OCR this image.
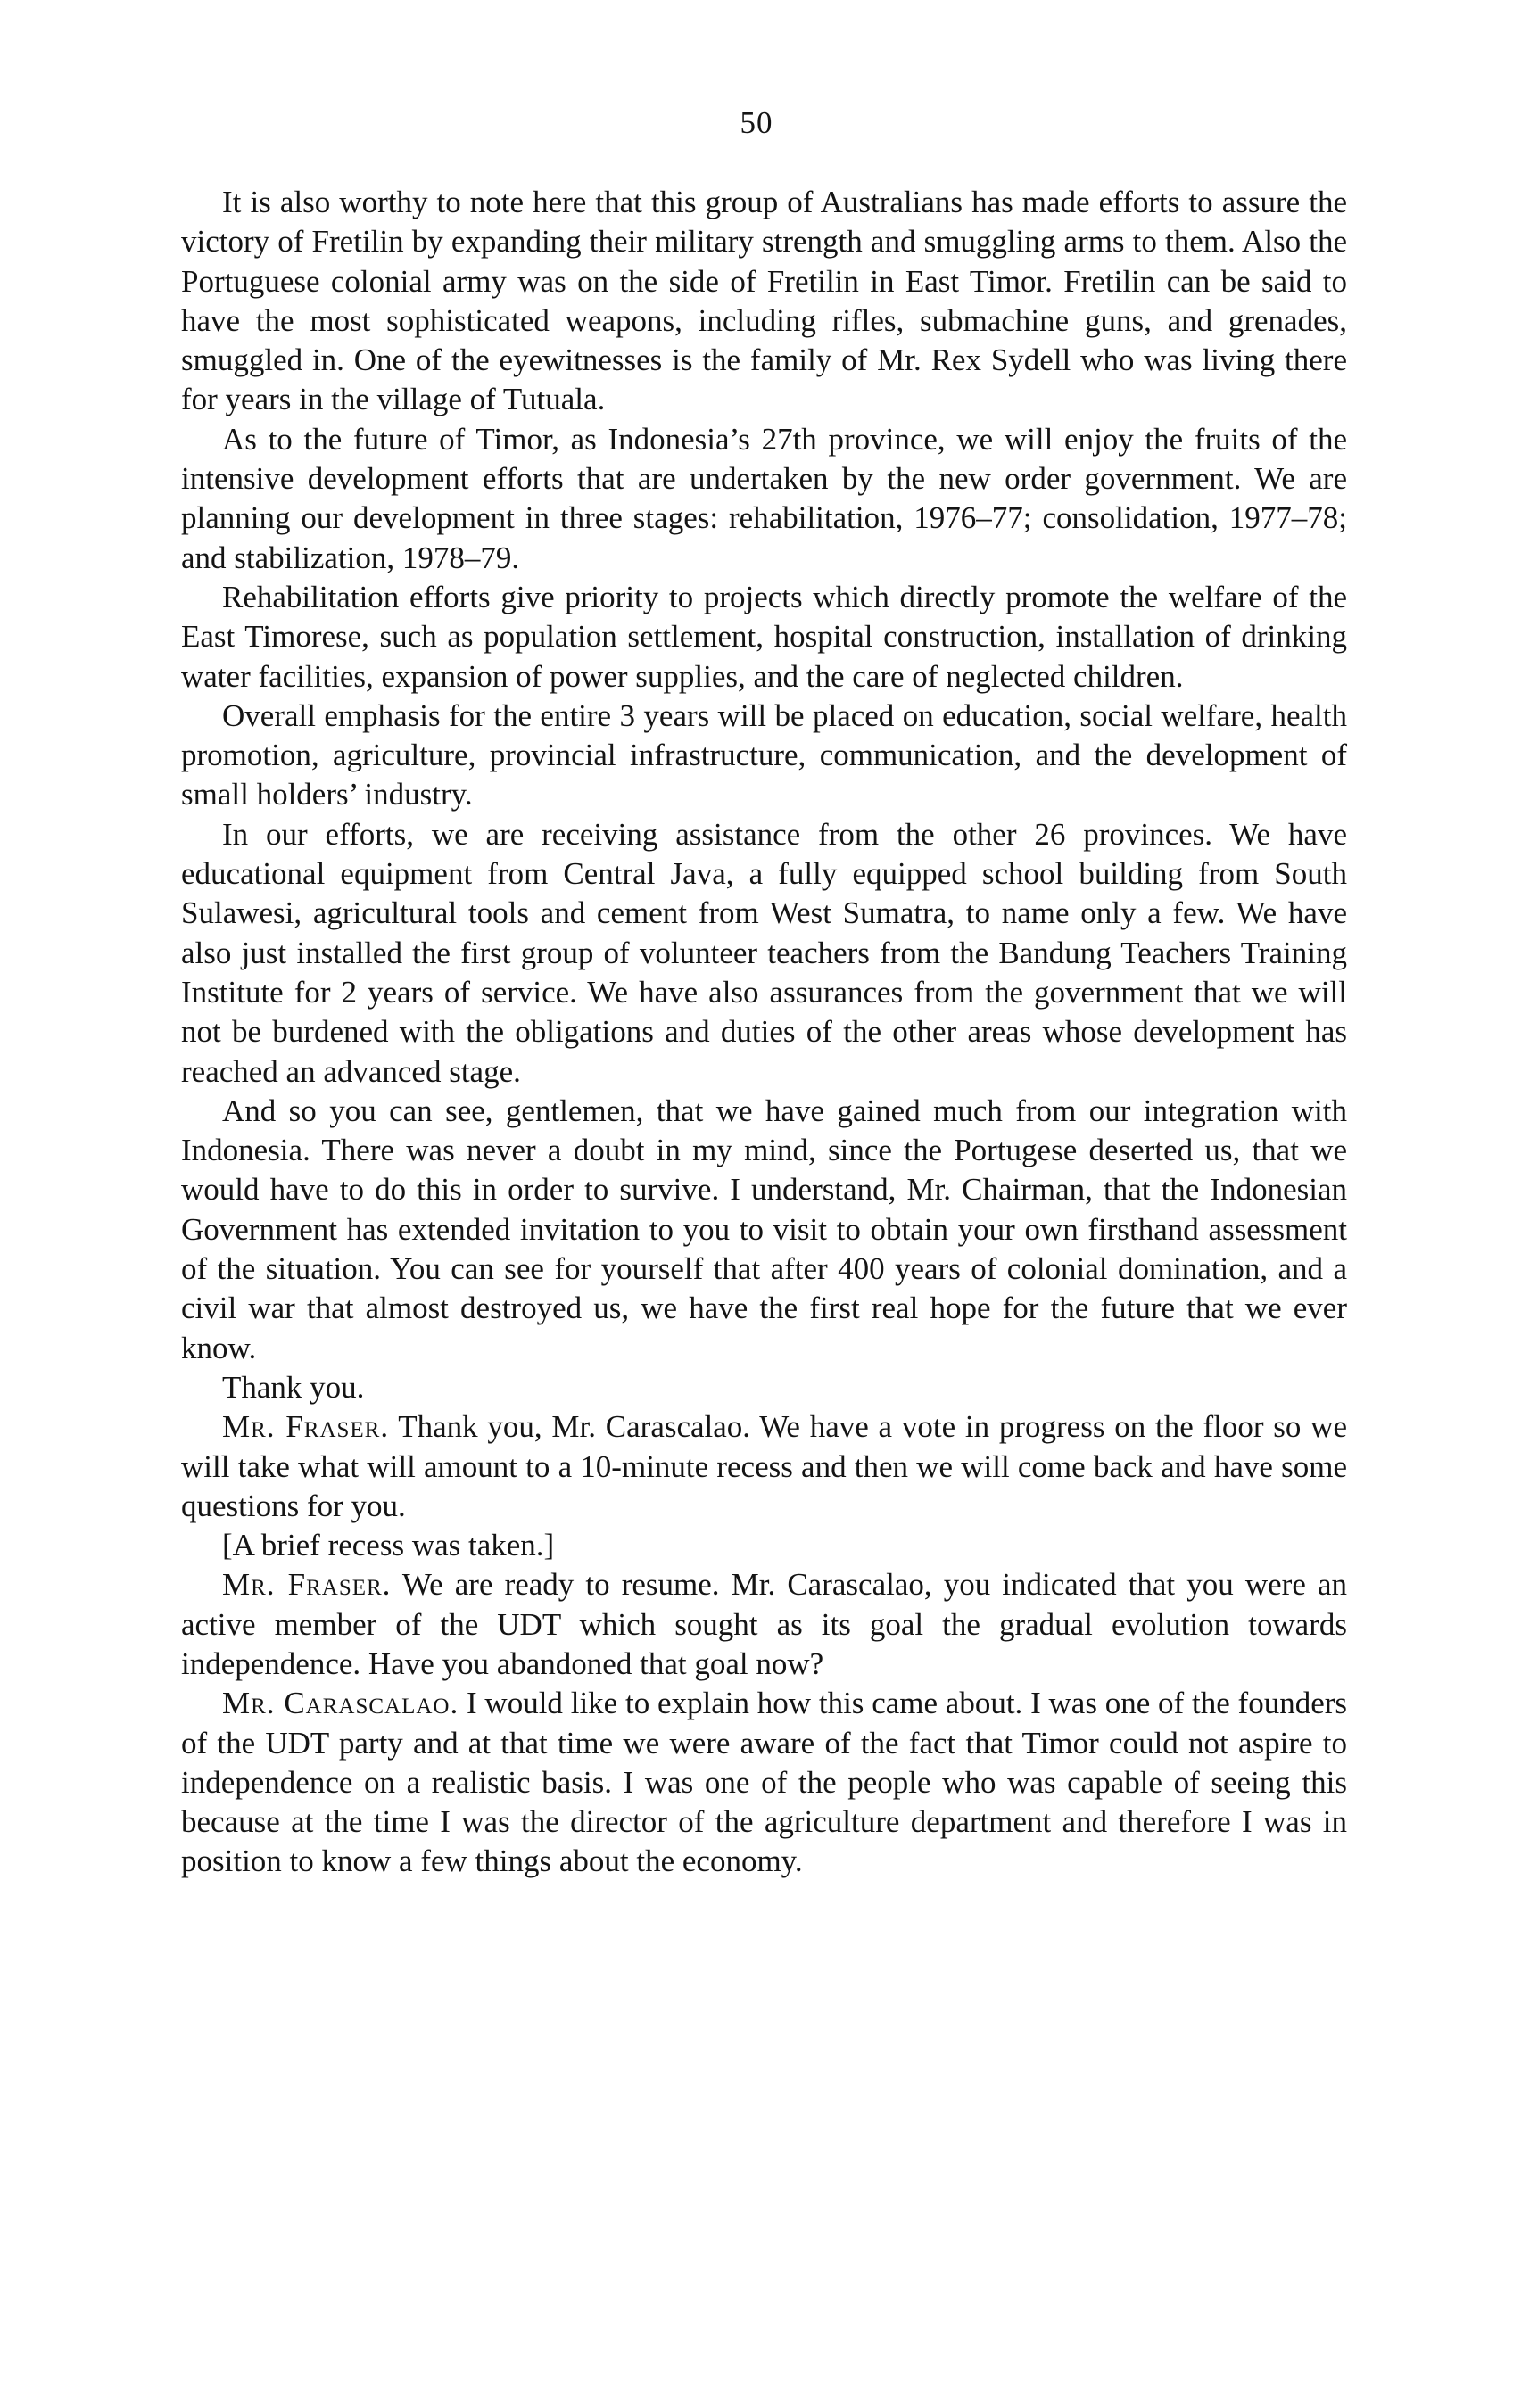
50

It is also worthy to note here that this group of Australians has made efforts to assure the victory of Fretilin by expanding their military strength and smuggling arms to them. Also the Portuguese colonial army was on the side of Fretilin in East Timor. Fretilin can be said to have the most sophisticated weapons, including rifles, submachine guns, and grenades, smuggled in. One of the eyewitnesses is the family of Mr. Rex Sydell who was living there for years in the village of Tutuala.

As to the future of Timor, as Indonesia’s 27th province, we will enjoy the fruits of the intensive development efforts that are undertaken by the new order government. We are planning our development in three stages: rehabilitation, 1976–77; consolidation, 1977–78; and stabilization, 1978–79.

Rehabilitation efforts give priority to projects which directly promote the welfare of the East Timorese, such as population settlement, hospital construction, installation of drinking water facilities, expansion of power supplies, and the care of neglected children.

Overall emphasis for the entire 3 years will be placed on education, social welfare, health promotion, agriculture, provincial infrastructure, communication, and the development of small holders’ industry.

In our efforts, we are receiving assistance from the other 26 provinces. We have educational equipment from Central Java, a fully equipped school building from South Sulawesi, agricultural tools and cement from West Sumatra, to name only a few. We have also just installed the first group of volunteer teachers from the Bandung Teachers Training Institute for 2 years of service. We have also assurances from the government that we will not be burdened with the obligations and duties of the other areas whose development has reached an advanced stage.

And so you can see, gentlemen, that we have gained much from our integration with Indonesia. There was never a doubt in my mind, since the Portugese deserted us, that we would have to do this in order to survive. I understand, Mr. Chairman, that the Indonesian Government has extended invitation to you to visit to obtain your own firsthand assessment of the situation. You can see for yourself that after 400 years of colonial domination, and a civil war that almost destroyed us, we have the first real hope for the future that we ever know.

Thank you.

Mr. Fraser. Thank you, Mr. Carascalao. We have a vote in progress on the floor so we will take what will amount to a 10-minute recess and then we will come back and have some questions for you.

[A brief recess was taken.]

Mr. Fraser. We are ready to resume. Mr. Carascalao, you indicated that you were an active member of the UDT which sought as its goal the gradual evolution towards independence. Have you abandoned that goal now?

Mr. Carascalao. I would like to explain how this came about. I was one of the founders of the UDT party and at that time we were aware of the fact that Timor could not aspire to independence on a realistic basis. I was one of the people who was capable of seeing this because at the time I was the director of the agriculture department and therefore I was in position to know a few things about the economy.
